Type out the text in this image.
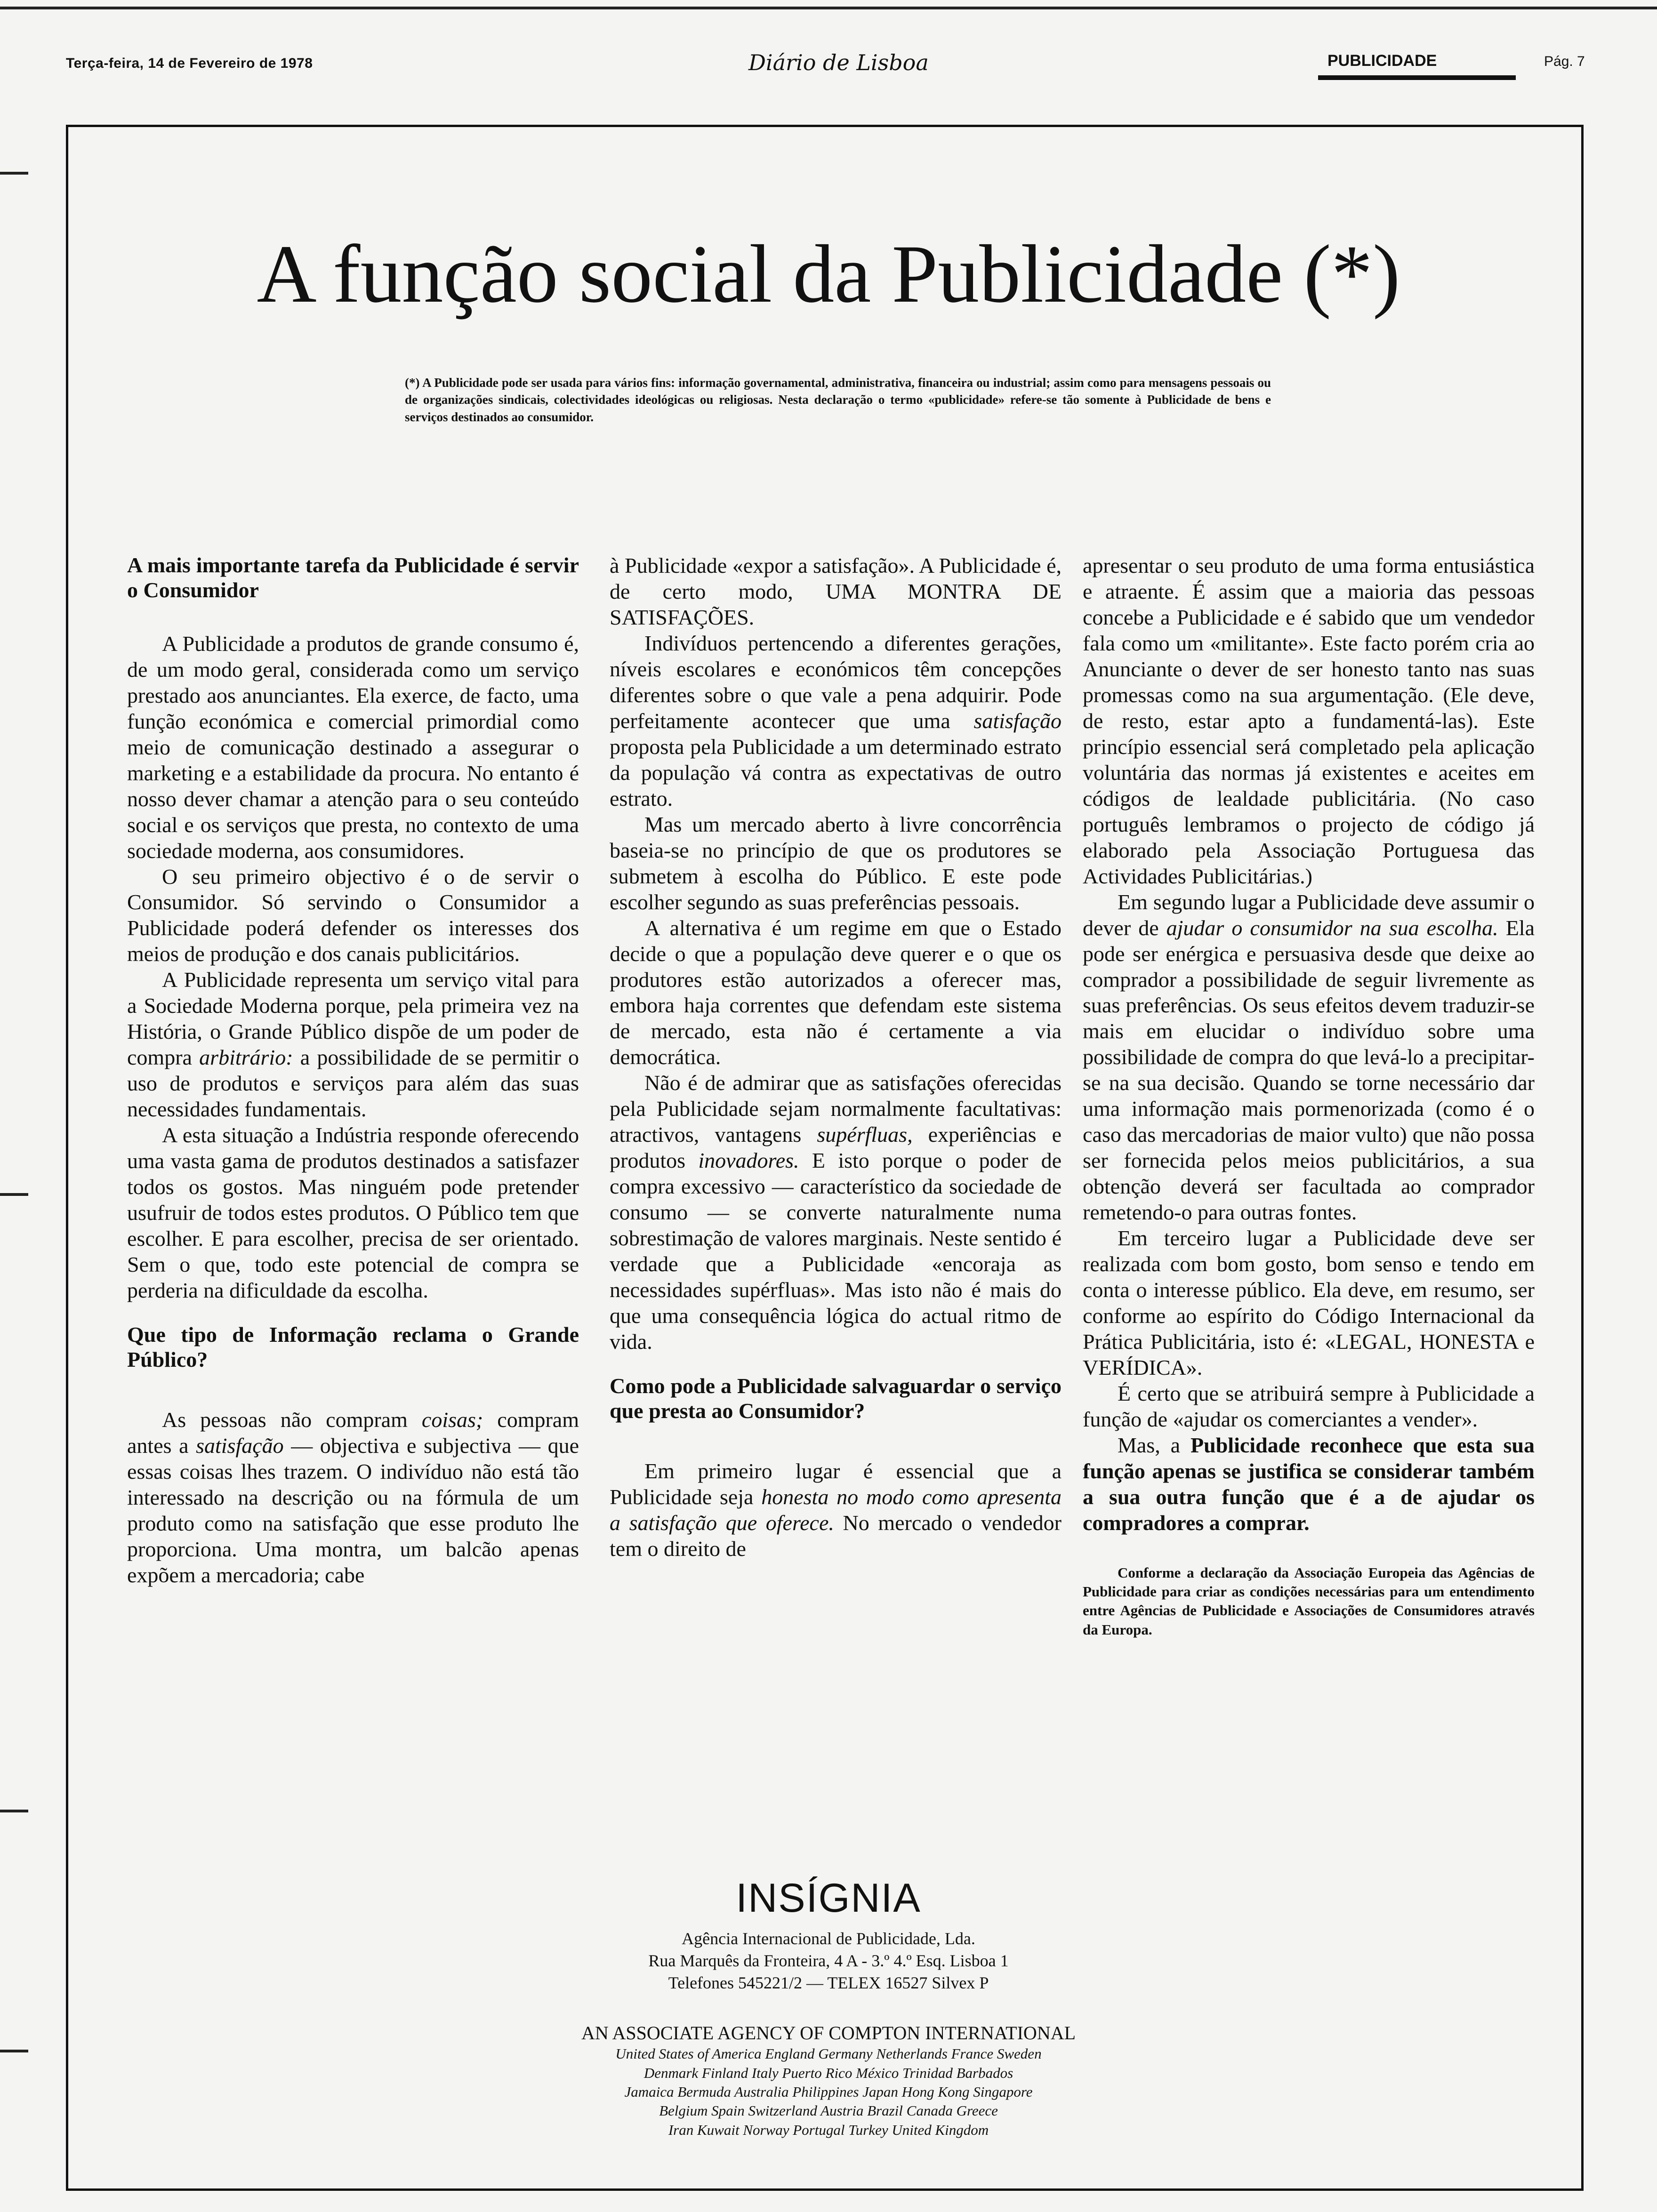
Terça-feira, 14 de Fevereiro de 1978	Diário de Lisboa	PUBLICIDADE	Pág. 7
A função social da Publicidade (*)
(*) A Publicidade pode ser usada para vários fins: informação governamental, administrativa, financeira ou industrial; assim como para mensagens pessoais ou de organizações sindicais, colectividades ideológicas ou religiosas. Nesta declaração o termo «publicidade» refere-se tão somente à Publicidade de bens e serviços destinados ao consumidor.
A mais importante tarefa da Publicidade é servir o Consumidor

A Publicidade a produtos de grande consumo é, de um modo geral, considerada como um serviço prestado aos anunciantes. Ela exerce, de facto, uma função económica e comercial primordial como meio de comunicação destinado a assegurar o marketing e a estabilidade da procura. No entanto é nosso dever chamar a atenção para o seu conteúdo social e os serviços que presta, no contexto de uma sociedade moderna, aos consumidores.

O seu primeiro objectivo é o de servir o Consumidor. Só servindo o Consumidor a Publicidade poderá defender os interesses dos meios de produção e dos canais publicitários.

A Publicidade representa um serviço vital para a Sociedade Moderna porque, pela primeira vez na História, o Grande Público dispõe de um poder de compra arbitrário: a possibilidade de se permitir o uso de produtos e serviços para além das suas necessidades fundamentais.

A esta situação a Indústria responde oferecendo uma vasta gama de produtos destinados a satisfazer todos os gostos. Mas ninguém pode pretender usufruir de todos estes produtos. O Público tem que escolher. E para escolher, precisa de ser orientado. Sem o que, todo este potencial de compra se perderia na dificuldade da escolha.

Que tipo de Informação reclama o Grande Público?

As pessoas não compram coisas; compram antes a satisfação — objectiva e subjectiva — que essas coisas lhes trazem. O indivíduo não está tão interessado na descrição ou na fórmula de um produto como na satisfação que esse produto lhe proporciona. Uma montra, um balcão apenas expõem a mercadoria; cabe

à Publicidade «expor a satisfação». A Publicidade é, de certo modo, UMA MONTRA DE SATISFAÇÕES.

Indivíduos pertencendo a diferentes gerações, níveis escolares e económicos têm concepções diferentes sobre o que vale a pena adquirir. Pode perfeitamente acontecer que uma satisfação proposta pela Publicidade a um determinado estrato da população vá contra as expectativas de outro estrato.

Mas um mercado aberto à livre concorrência baseia-se no princípio de que os produtores se submetem à escolha do Público. E este pode escolher segundo as suas preferências pessoais.

A alternativa é um regime em que o Estado decide o que a população deve querer e o que os produtores estão autorizados a oferecer mas, embora haja correntes que defendam este sistema de mercado, esta não é certamente a via democrática.

Não é de admirar que as satisfações oferecidas pela Publicidade sejam normalmente facultativas: atractivos, vantagens supérfluas, experiências e produtos inovadores. E isto porque o poder de compra excessivo — característico da sociedade de consumo — se converte naturalmente numa sobrestimação de valores marginais. Neste sentido é verdade que a Publicidade «encoraja as necessidades supérfluas». Mas isto não é mais do que uma consequência lógica do actual ritmo de vida.

Como pode a Publicidade salvaguardar o serviço que presta ao Consumidor?

Em primeiro lugar é essencial que a Publicidade seja honesta no modo como apresenta a satisfação que oferece. No mercado o vendedor tem o direito de

apresentar o seu produto de uma forma entusiástica e atraente. É assim que a maioria das pessoas concebe a Publicidade e é sabido que um vendedor fala como um «militante». Este facto porém cria ao Anunciante o dever de ser honesto tanto nas suas promessas como na sua argumentação. (Ele deve, de resto, estar apto a fundamentá-las). Este princípio essencial será completado pela aplicação voluntária das normas já existentes e aceites em códigos de lealdade publicitária. (No caso português lembramos o projecto de código já elaborado pela Associação Portuguesa das Actividades Publicitárias.)

Em segundo lugar a Publicidade deve assumir o dever de ajudar o consumidor na sua escolha. Ela pode ser enérgica e persuasiva desde que deixe ao comprador a possibilidade de seguir livremente as suas preferências. Os seus efeitos devem traduzir-se mais em elucidar o indivíduo sobre uma possibilidade de compra do que levá-lo a precipitar-se na sua decisão. Quando se torne necessário dar uma informação mais pormenorizada (como é o caso das mercadorias de maior vulto) que não possa ser fornecida pelos meios publicitários, a sua obtenção deverá ser facultada ao comprador remetendo-o para outras fontes.

Em terceiro lugar a Publicidade deve ser realizada com bom gosto, bom senso e tendo em conta o interesse público. Ela deve, em resumo, ser conforme ao espírito do Código Internacional da Prática Publicitária, isto é: «LEGAL, HONESTA e VERÍDICA».

É certo que se atribuirá sempre à Publicidade a função de «ajudar os comerciantes a vender».

Mas, a Publicidade reconhece que esta sua função apenas se justifica se considerar também a sua outra função que é a de ajudar os compradores a comprar.

Conforme a declaração da Associação Europeia das Agências de Publicidade para criar as condições necessárias para um entendimento entre Agências de Publicidade e Associações de Consumidores através da Europa.

INSÍGNIA
Agência Internacional de Publicidade, Lda.
Rua Marquês da Fronteira, 4 A - 3.º 4.º Esq. Lisboa 1
Telefones 545221/2 — TELEX 16527 Silvex P
AN ASSOCIATE AGENCY OF COMPTON INTERNATIONAL
United States of America England Germany Netherlands France Sweden
Denmark Finland Italy Puerto Rico México Trinidad Barbados
Jamaica Bermuda Australia Philippines Japan Hong Kong Singapore
Belgium Spain Switzerland Austria Brazil Canada Greece
Iran Kuwait Norway Portugal Turkey United Kingdom
